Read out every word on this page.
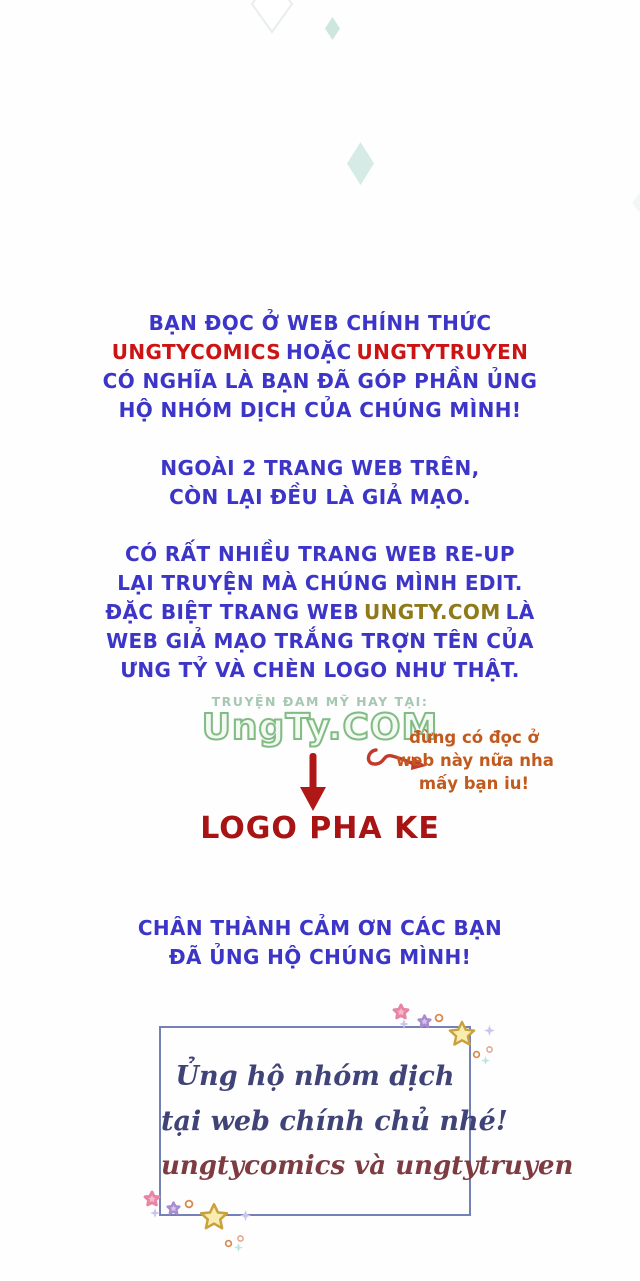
BẠN ĐỌC Ở WEB CHÍNH THỨC
UNGTYCOMICS HOẶC UNGTYTRUYEN
CÓ NGHĨA LÀ BẠN ĐÃ GÓP PHẦN ỦNG
HỘ NHÓM DỊCH CỦA CHÚNG MÌNH!
NGOÀI 2 TRANG WEB TRÊN,
CÒN LẠI ĐỀU LÀ GIẢ MẠO.
CÓ RẤT NHIỀU TRANG WEB RE-UP
LẠI TRUYỆN MÀ CHÚNG MÌNH EDIT.
ĐẶC BIỆT TRANG WEB UNGTY.COM LÀ
WEB GIẢ MẠO TRẮNG TRỢN TÊN CỦA
ƯNG TỶ VÀ CHÈN LOGO NHƯ THẬT.
TRUYỆN ĐAM MỸ HAY TẠI:
UngTy.COM
LOGO PHA KE
đừng có đọc ở
web này nữa nha
mấy bạn iu!
CHÂN THÀNH CẢM ƠN CÁC BẠN
ĐÃ ỦNG HỘ CHÚNG MÌNH!
Ủng hộ nhóm dịch
tại web chính chủ nhé!
ungtycomics và ungtytruyen
